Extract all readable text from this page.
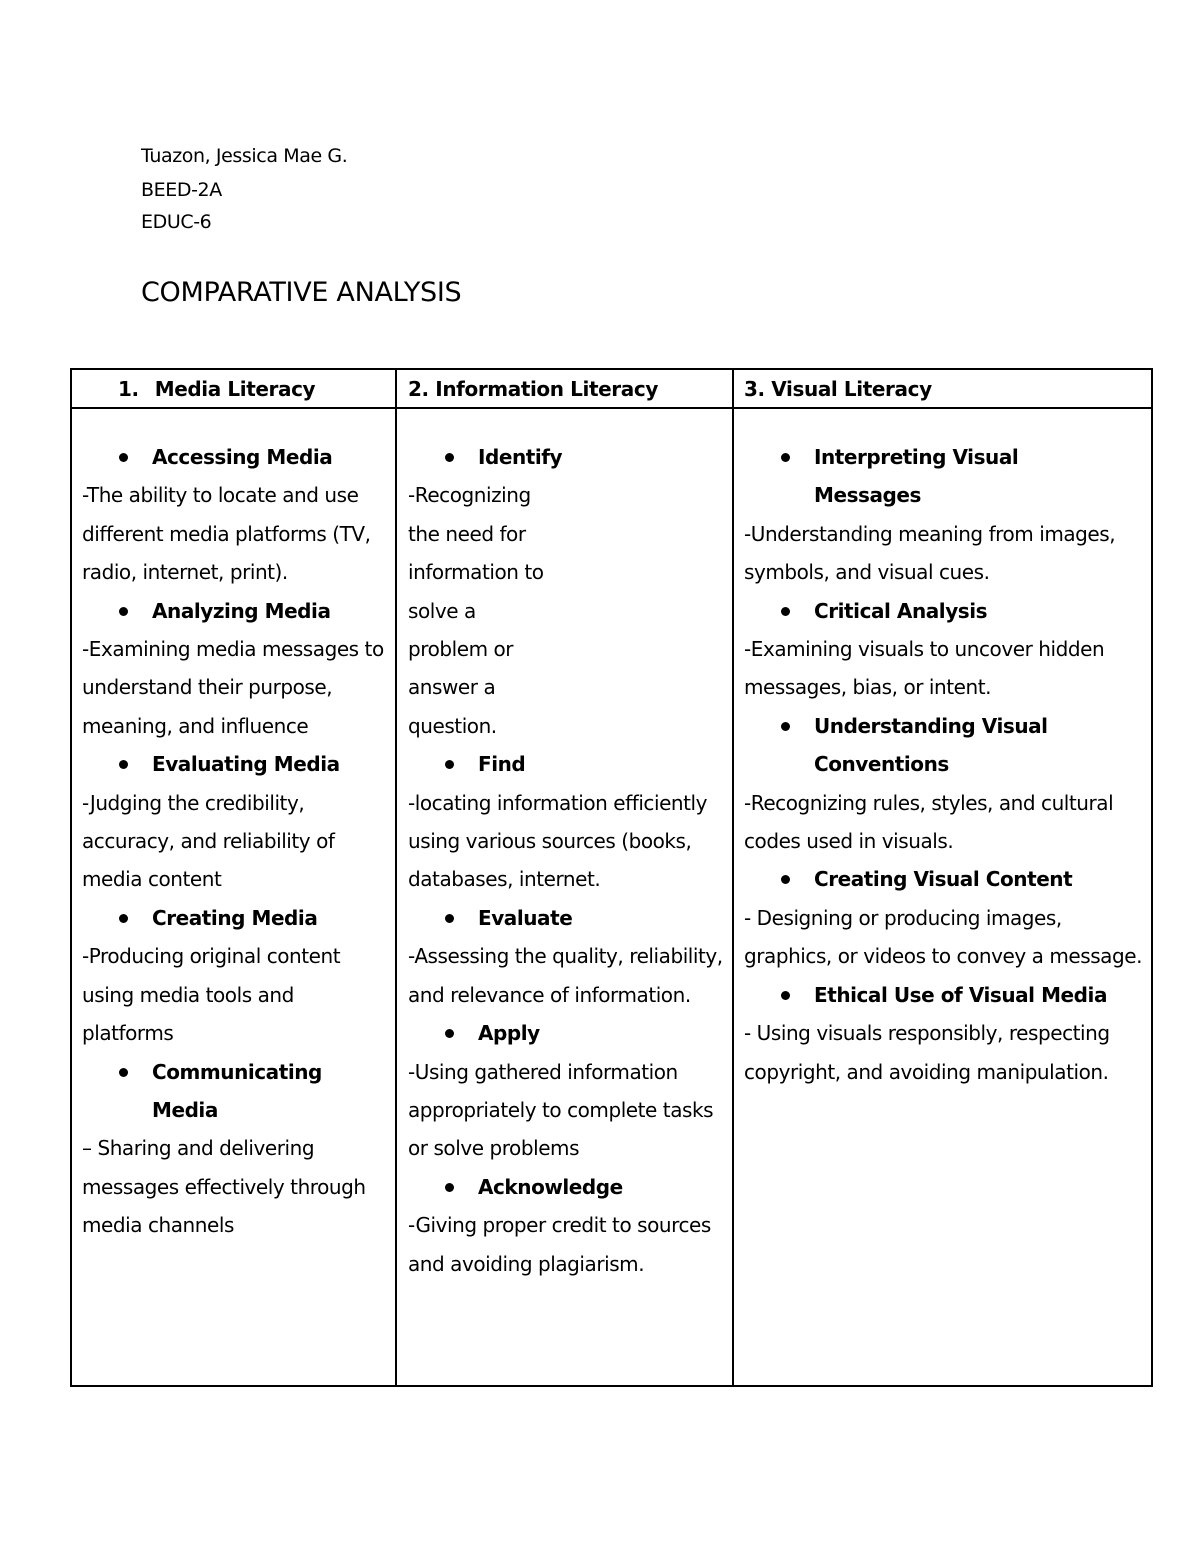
Tuazon, Jessica Mae G.
BEED-2A
EDUC-6
COMPARATIVE ANALYSIS
1. Media Literacy	2. Information Literacy	3. Visual Literacy
Accessing Media
-The ability to locate and use different media platforms (TV, radio, internet, print).
Analyzing Media
-Examining media messages to understand their purpose, meaning, and influence
Evaluating Media
-Judging the credibility, accuracy, and reliability of media content
Creating Media
-Producing original content using media tools and platforms
Communicating Media
– Sharing and delivering messages effectively through media channels
Identify
-Recognizing the need for information to solve a problem or answer a question.
Find
-locating information efficiently using various sources (books, databases, internet.
Evaluate
-Assessing the quality, reliability, and relevance of information.
Apply
-Using gathered information appropriately to complete tasks or solve problems
Acknowledge
-Giving proper credit to sources and avoiding plagiarism.
Interpreting Visual Messages
-Understanding meaning from images, symbols, and visual cues.
Critical Analysis
-Examining visuals to uncover hidden messages, bias, or intent.
Understanding Visual Conventions
-Recognizing rules, styles, and cultural codes used in visuals.
Creating Visual Content
- Designing or producing images, graphics, or videos to convey a message.
Ethical Use of Visual Media
- Using visuals responsibly, respecting copyright, and avoiding manipulation.
